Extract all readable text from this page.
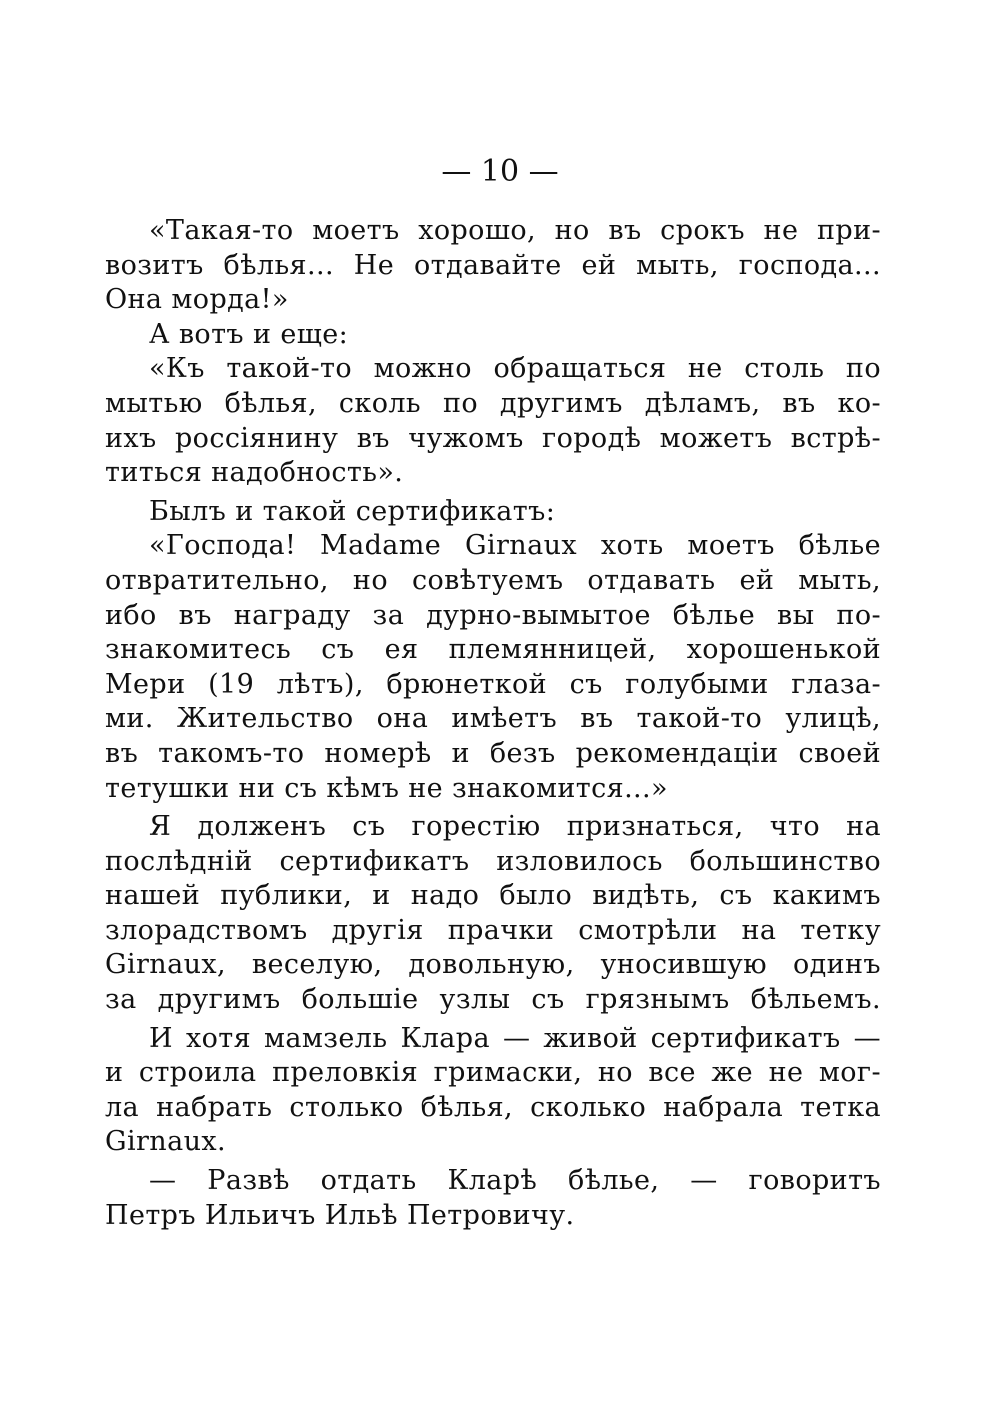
— 10 —
«Такая-то моетъ хорошо, но въ срокъ не при-
возитъ бѣлья... Не отдавайте ей мыть, господа...
Она морда!»
А вотъ и еще:
«Къ такой-то можно обращаться не столь по
мытью бѣлья, сколь по другимъ дѣламъ, въ ко-
ихъ россіянину въ чужомъ городѣ можетъ встрѣ-
титься надобность».
Былъ и такой сертификатъ:
«Господа! Madame Girnaux хоть моетъ бѣлье
отвратительно, но совѣтуемъ отдавать ей мыть,
ибо въ награду за дурно-вымытое бѣлье вы по-
знакомитесь съ ея племянницей, хорошенькой
Мери (19 лѣтъ), брюнеткой съ голубыми глаза-
ми. Жительство она имѣетъ въ такой-то улицѣ,
въ такомъ-то номерѣ и безъ рекомендаціи своей
тетушки ни съ кѣмъ не знакомится...»
Я долженъ съ горестію признаться, что на
послѣдній сертификатъ изловилось большинство
нашей публики, и надо было видѣть, съ какимъ
злорадствомъ другія прачки смотрѣли на тетку
Girnaux, веселую, довольную, уносившую одинъ
за другимъ большіе узлы съ грязнымъ бѣльемъ.
И хотя мамзель Клара — живой сертификатъ —
и строила преловкія гримаски, но все же не мог-
ла набрать столько бѣлья, сколько набрала тетка
Girnaux.
— Развѣ отдать Кларѣ бѣлье, — говоритъ
Петръ Ильичъ Ильѣ Петровичу.
